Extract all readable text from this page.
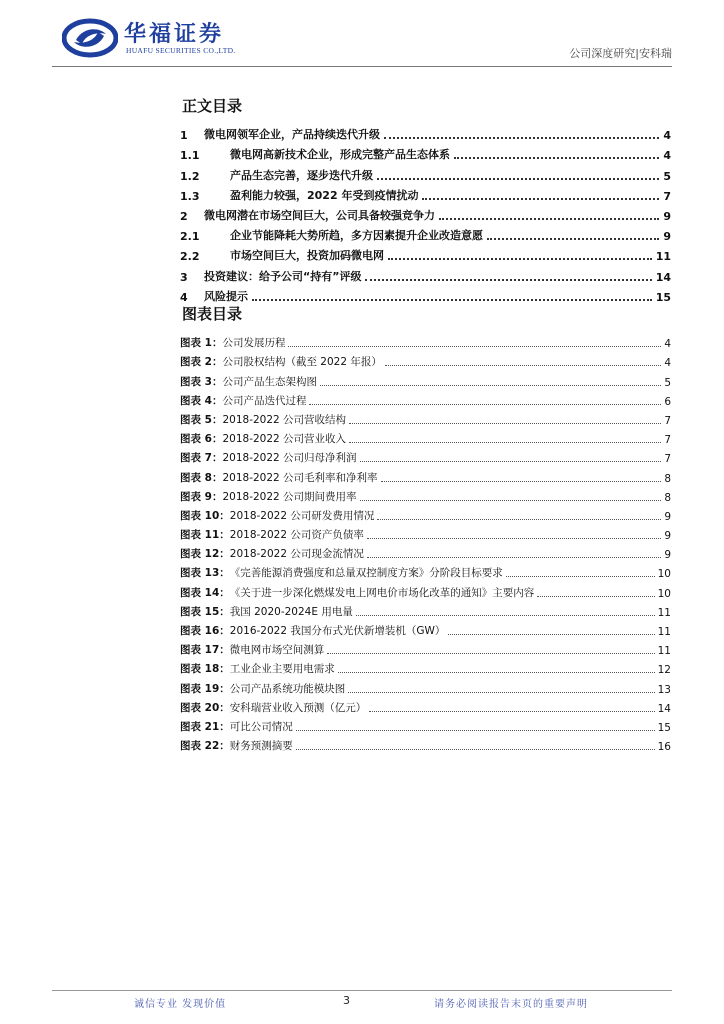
华福证券
HUAFU SECURITIES CO.,LTD.	公司深度研究|安科瑞
正文目录
1	微电网领军企业，产品持续迭代升级	4
1.1	微电网高新技术企业，形成完整产品生态体系	4
1.2	产品生态完善，逐步迭代升级	5
1.3	盈利能力较强，2022 年受到疫情扰动	7
2	微电网潜在市场空间巨大，公司具备较强竞争力	9
2.1	企业节能降耗大势所趋，多方因素提升企业改造意愿	9
2.2	市场空间巨大，投资加码微电网	11
3	投资建议：给予公司“持有”评级	14
4	风险提示	15
图表目录
图表 1： 公司发展历程	4
图表 2： 公司股权结构（截至 2022 年报）	4
图表 3： 公司产品生态架构图	5
图表 4： 公司产品迭代过程	6
图表 5： 2018-2022 公司营收结构	7
图表 6： 2018-2022 公司营业收入	7
图表 7： 2018-2022 公司归母净利润	7
图表 8： 2018-2022 公司毛利率和净利率	8
图表 9： 2018-2022 公司期间费用率	8
图表 10： 2018-2022 公司研发费用情况	9
图表 11： 2018-2022 公司资产负债率	9
图表 12： 2018-2022 公司现金流情况	9
图表 13： 《完善能源消费强度和总量双控制度方案》分阶段目标要求	10
图表 14： 《关于进一步深化燃煤发电上网电价市场化改革的通知》主要内容	10
图表 15： 我国 2020-2024E 用电量	11
图表 16： 2016-2022 我国分布式光伏新增装机（GW）	11
图表 17： 微电网市场空间测算	11
图表 18： 工业企业主要用电需求	12
图表 19： 公司产品系统功能模块图	13
图表 20： 安科瑞营业收入预测（亿元）	14
图表 21： 可比公司情况	15
图表 22： 财务预测摘要	16
诚信专业 发现价值	3	请务必阅读报告末页的重要声明
